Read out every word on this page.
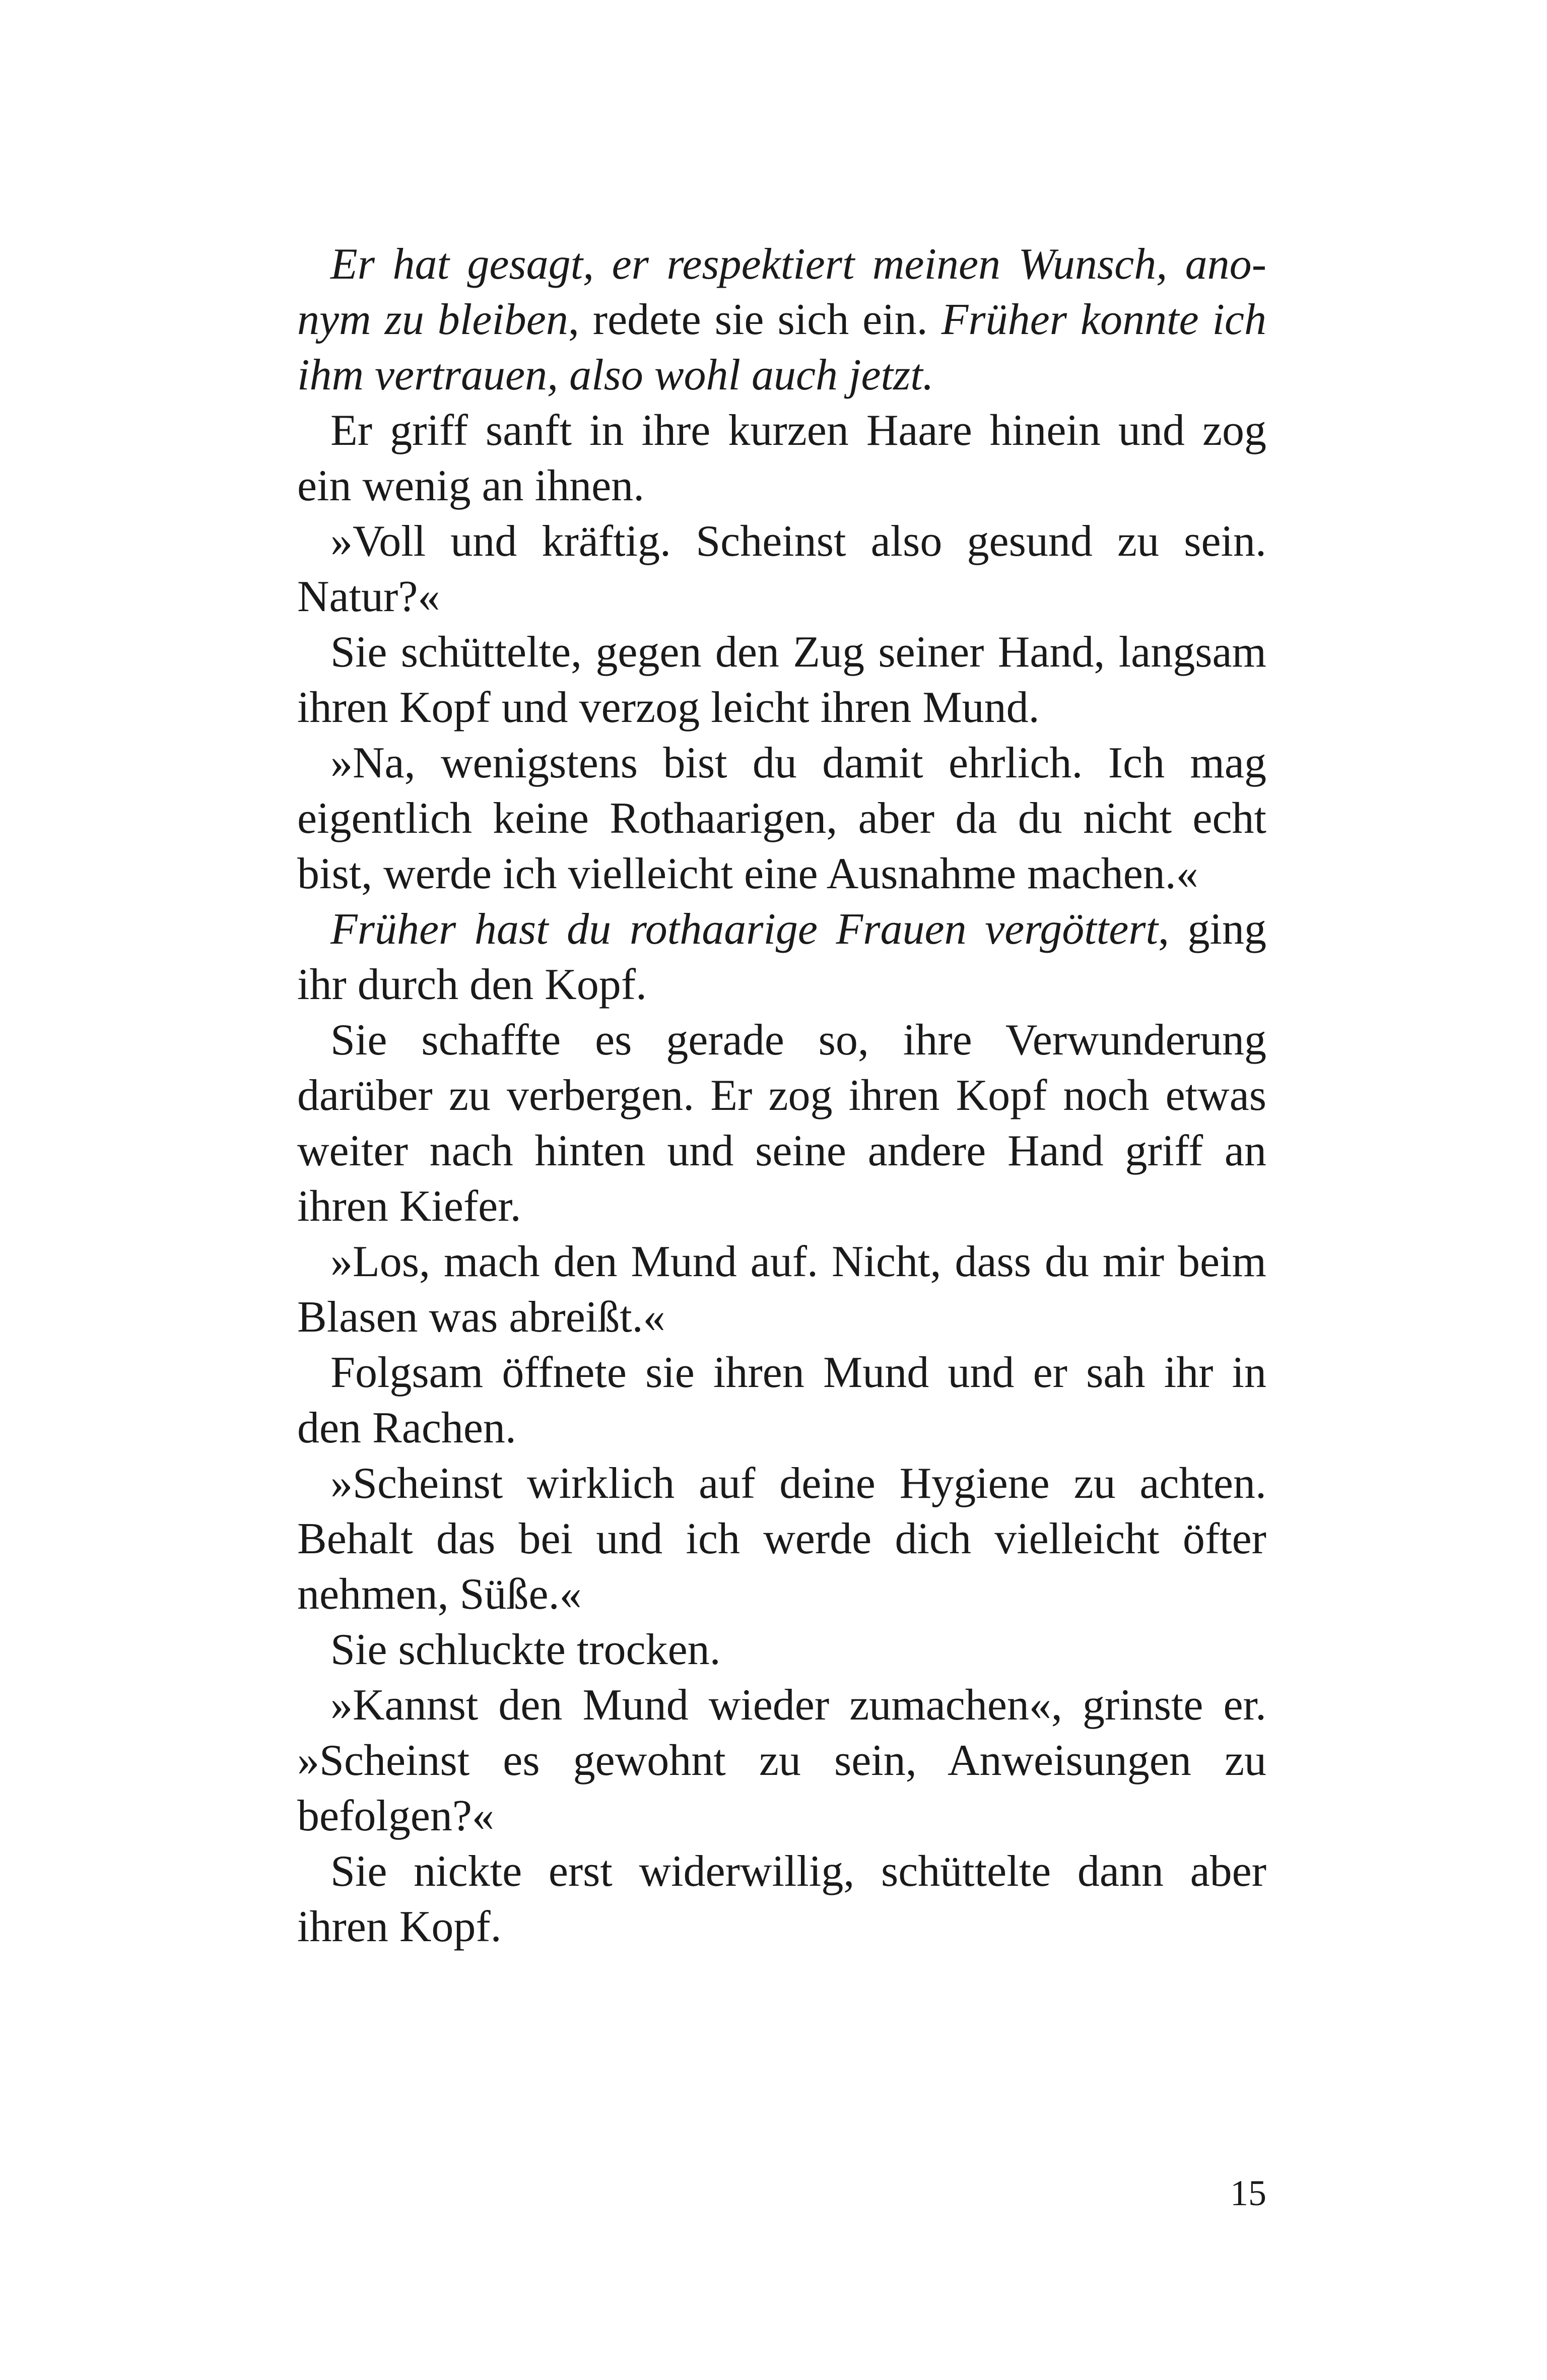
Er hat gesagt, er respektiert meinen Wunsch, anonym zu bleiben, redete sie sich ein. Früher konnte ich ihm vertrauen, also wohl auch jetzt.

Er griff sanft in ihre kurzen Haare hinein und zog ein wenig an ihnen.

»Voll und kräftig. Scheinst also gesund zu sein. Natur?«

Sie schüttelte, gegen den Zug seiner Hand, langsam ihren Kopf und verzog leicht ihren Mund.

»Na, wenigstens bist du damit ehrlich. Ich mag eigentlich keine Rothaarigen, aber da du nicht echt bist, werde ich vielleicht eine Ausnahme machen.«

Früher hast du rothaarige Frauen vergöttert, ging ihr durch den Kopf.

Sie schaffte es gerade so, ihre Verwunderung darüber zu verbergen. Er zog ihren Kopf noch etwas weiter nach hinten und seine andere Hand griff an ihren Kiefer.

»Los, mach den Mund auf. Nicht, dass du mir beim Blasen was abreißt.«

Folgsam öffnete sie ihren Mund und er sah ihr in den Rachen.

»Scheinst wirklich auf deine Hygiene zu achten. Behalt das bei und ich werde dich vielleicht öfter nehmen, Süße.«

Sie schluckte trocken.

»Kannst den Mund wieder zumachen«, grinste er. »Scheinst es gewohnt zu sein, Anweisungen zu befolgen?«

Sie nickte erst widerwillig, schüttelte dann aber ihren Kopf.

15
